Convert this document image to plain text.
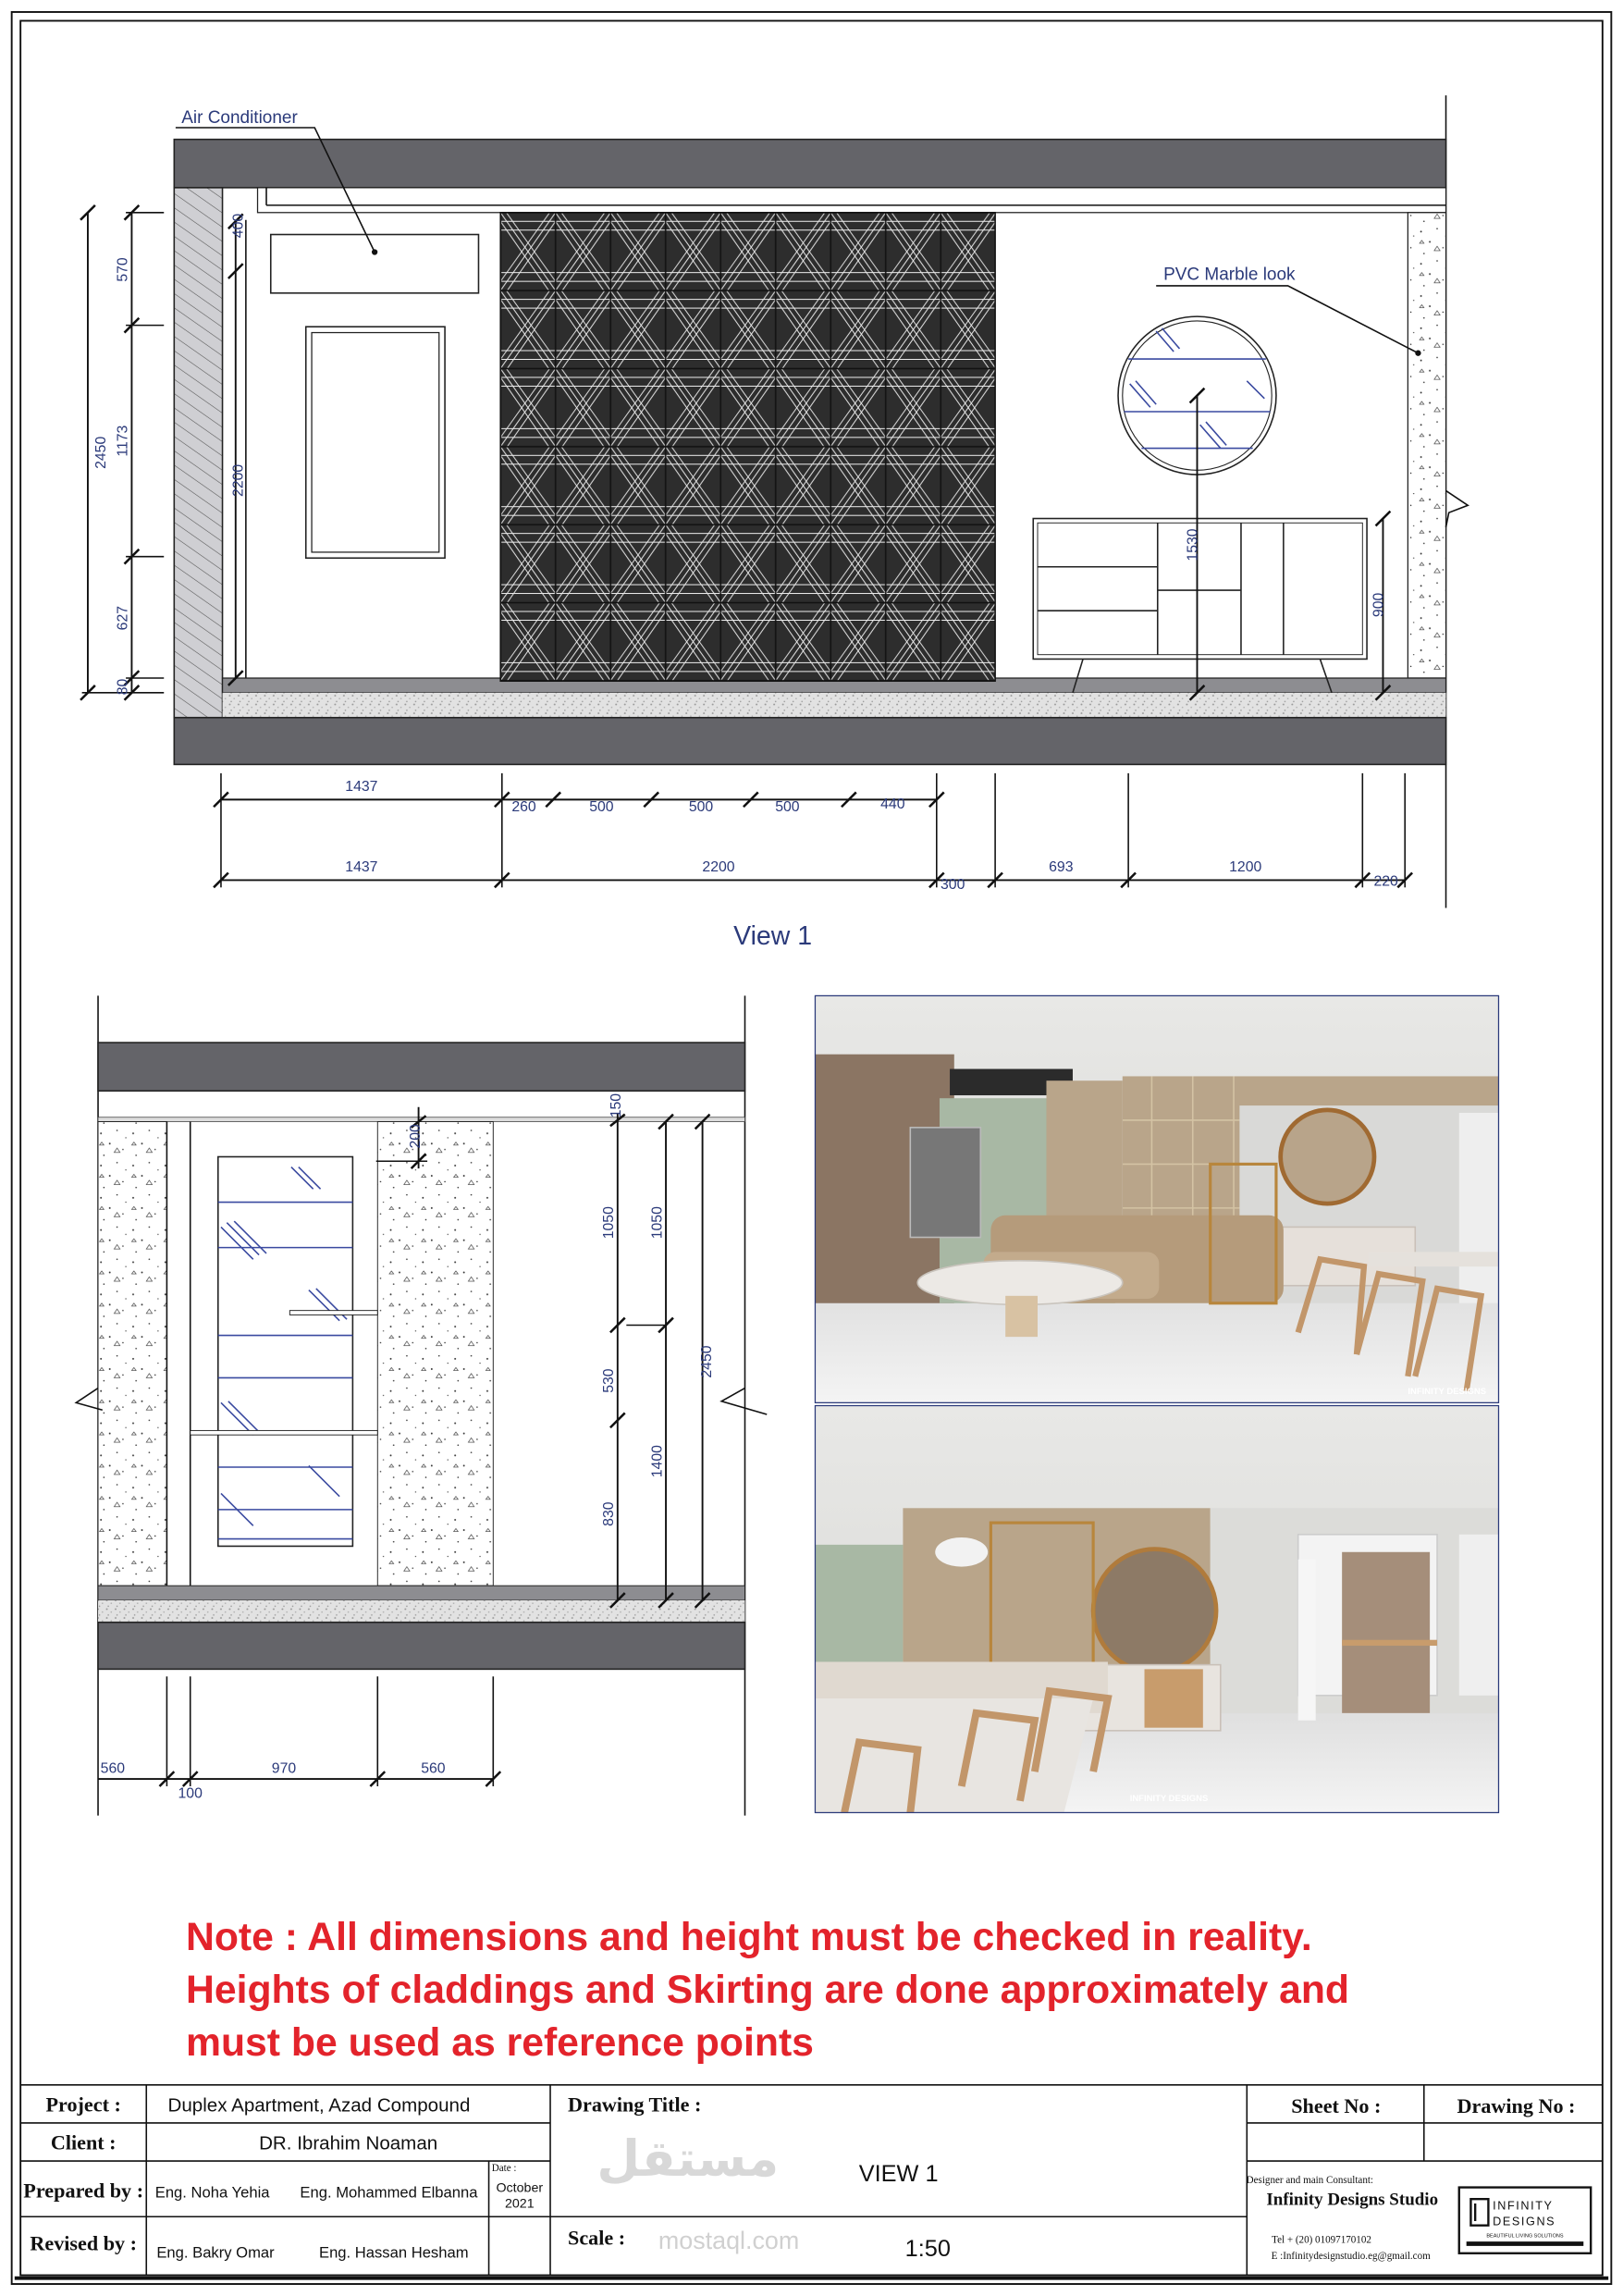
Air Conditioner
PVC Marble look
2450
570
1173
627
80
2200
400
1530
900
1437
260	500	500	500	440
1437	2200
300
693	1200
220
View 1
200
150
1050
530
830
1050
1400
2450
560
100
970	560
INFINITY DESIGNS
INFINITY DESIGNS
Note : All dimensions and height must be checked in reality.
Heights of claddings and Skirting are done approximately and
must be used as reference points
Project :	Duplex Apartment, Azad Compound
Client :	DR. Ibrahim Noaman
Prepared by : Eng. Noha Yehia	Eng. Mohammed Elbanna
Date :
October
2021
Revised by : Eng. Bakry Omar	Eng. Hassan Hesham
Drawing Title :
VIEW 1
Scale :	1:50
مستقل
mostaql.com
Sheet No :	Drawing No :
Designer and main Consultant:
Infinity Designs Studio
Tel + (20) 01097170102
E :Infinitydesignstudio.eg@gmail.com
INFINITY
DESIGNS
BEAUTIFUL LIVING SOLUTIONS
